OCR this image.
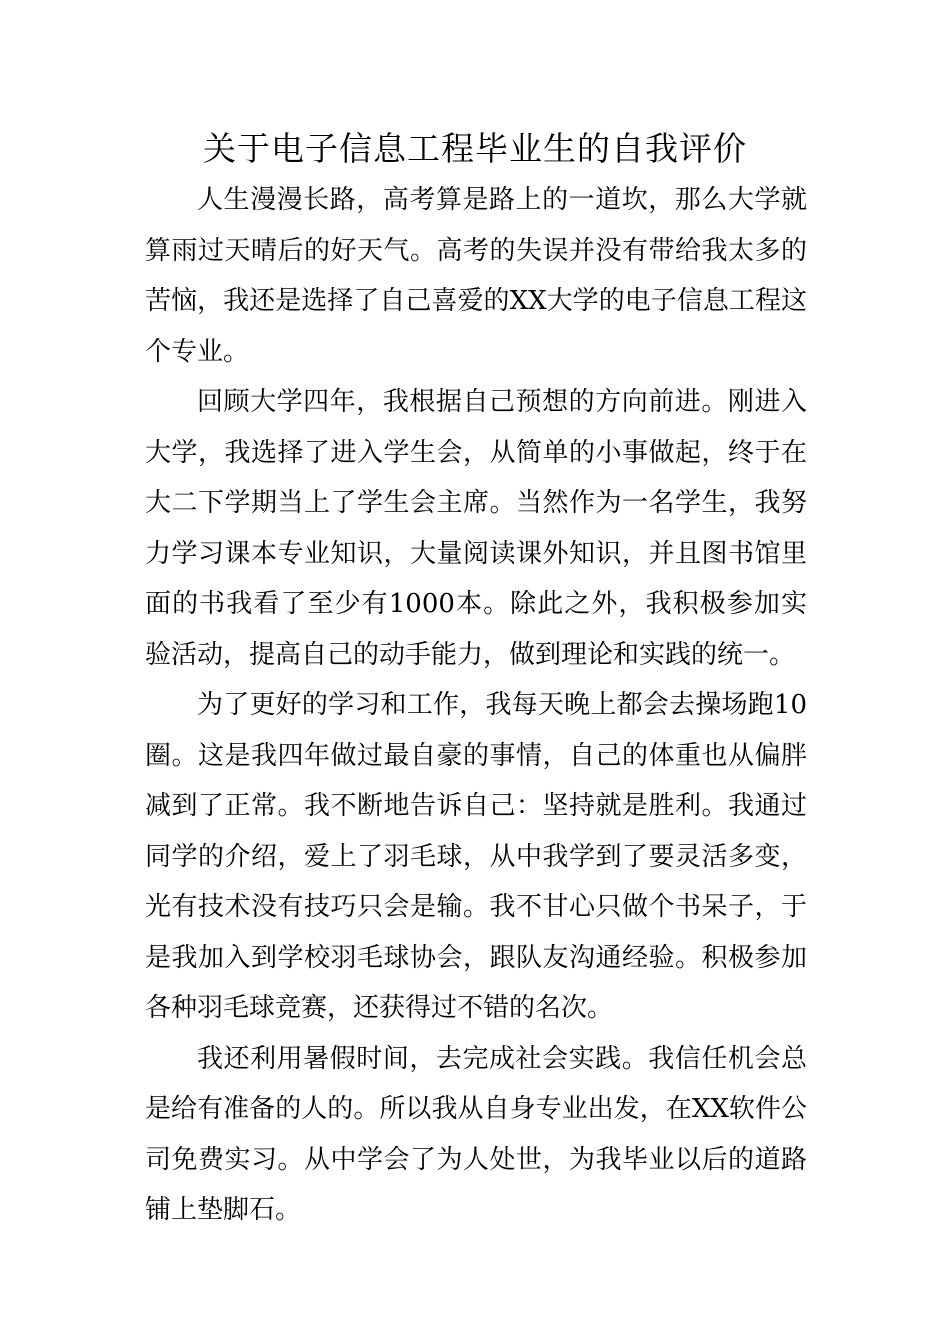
关于电子信息工程毕业生的自我评价

人生漫漫长路，高考算是路上的一道坎，那么大学就算雨过天晴后的好天气。高考的失误并没有带给我太多的苦恼，我还是选择了自己喜爱的XX大学的电子信息工程这个专业。

回顾大学四年，我根据自己预想的方向前进。刚进入大学，我选择了进入学生会，从简单的小事做起，终于在大二下学期当上了学生会主席。当然作为一名学生，我努力学习课本专业知识，大量阅读课外知识，并且图书馆里面的书我看了至少有1000本。除此之外，我积极参加实验活动，提高自己的动手能力，做到理论和实践的统一。

为了更好的学习和工作，我每天晚上都会去操场跑10圈。这是我四年做过最自豪的事情，自己的体重也从偏胖减到了正常。我不断地告诉自己：坚持就是胜利。我通过同学的介绍，爱上了羽毛球，从中我学到了要灵活多变，光有技术没有技巧只会是输。我不甘心只做个书呆子，于是我加入到学校羽毛球协会，跟队友沟通经验。积极参加各种羽毛球竞赛，还获得过不错的名次。

我还利用暑假时间，去完成社会实践。我信任机会总是给有准备的人的。所以我从自身专业出发，在XX软件公司免费实习。从中学会了为人处世，为我毕业以后的道路铺上垫脚石。
